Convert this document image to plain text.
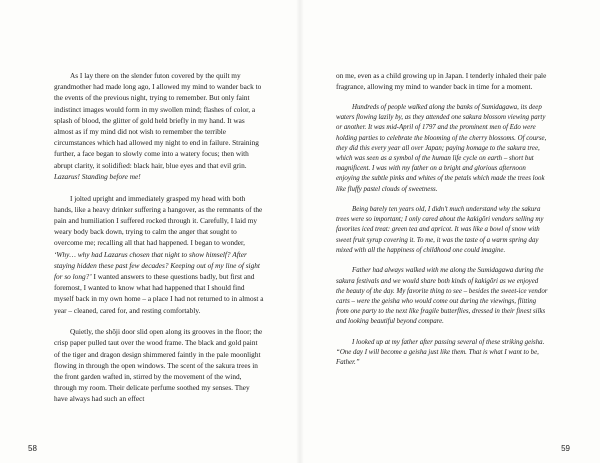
As I lay there on the slender futon covered by the quilt my grandmother had made long ago, I allowed my mind to wander back to the events of the previous night, trying to remember. But only faint indistinct images would form in my swollen mind; flashes of color, a splash of blood, the glitter of gold held briefly in my hand. It was almost as if my mind did not wish to remember the terrible circumstances which had allowed my night to end in failure. Straining further, a face began to slowly come into a watery focus; then with abrupt clarity, it solidified: black hair, blue eyes and that evil grin. Lazarus! Standing before me!

I jolted upright and immediately grasped my head with both hands, like a heavy drinker suffering a hangover, as the remnants of the pain and humiliation I suffered rocked through it. Carefully, I laid my weary body back down, trying to calm the anger that sought to overcome me; recalling all that had happened. I began to wonder, ‘Why… why had Lazarus chosen that night to show himself? After staying hidden these past few decades? Keeping out of my line of sight for so long?’ I wanted answers to these questions badly, but first and foremost, I wanted to know what had happened that I should find myself back in my own home – a place I had not returned to in almost a year – cleaned, cared for, and resting comfortably.

Quietly, the shōji door slid open along its grooves in the floor; the crisp paper pulled taut over the wood frame. The black and gold paint of the tiger and dragon design shimmered faintly in the pale moonlight flowing in through the open windows. The scent of the sakura trees in the front garden wafted in, stirred by the movement of the wind, through my room. Their delicate perfume soothed my senses. They have always had such an effect

58

on me, even as a child growing up in Japan. I tenderly inhaled their pale fragrance, allowing my mind to wander back in time for a moment.

Hundreds of people walked along the banks of Sumidagawa, its deep waters flowing lazily by, as they attended one sakura blossom viewing party or another. It was mid-April of 1797 and the prominent men of Edo were holding parties to celebrate the blooming of the cherry blossoms. Of course, they did this every year all over Japan; paying homage to the sakura tree, which was seen as a symbol of the human life cycle on earth – short but magnificent. I was with my father on a bright and glorious afternoon enjoying the subtle pinks and whites of the petals which made the trees look like fluffy pastel clouds of sweetness.

Being barely ten years old, I didn’t much understand why the sakura trees were so important; I only cared about the kakigōri vendors selling my favorites iced treat: green tea and apricot. It was like a bowl of snow with sweet fruit syrup covering it. To me, it was the taste of a warm spring day mixed with all the happiness of childhood one could imagine.

Father had always walked with me along the Sumidagawa during the sakura festivals and we would share both kinds of kakigōri as we enjoyed the beauty of the day. My favorite thing to see – besides the sweet-ice vendor carts – were the geisha who would come out during the viewings, flitting from one party to the next like fragile butterflies, dressed in their finest silks and looking beautiful beyond compare.

I looked up at my father after passing several of these striking geisha. “One day I will become a geisha just like them. That is what I want to be, Father.”

59
